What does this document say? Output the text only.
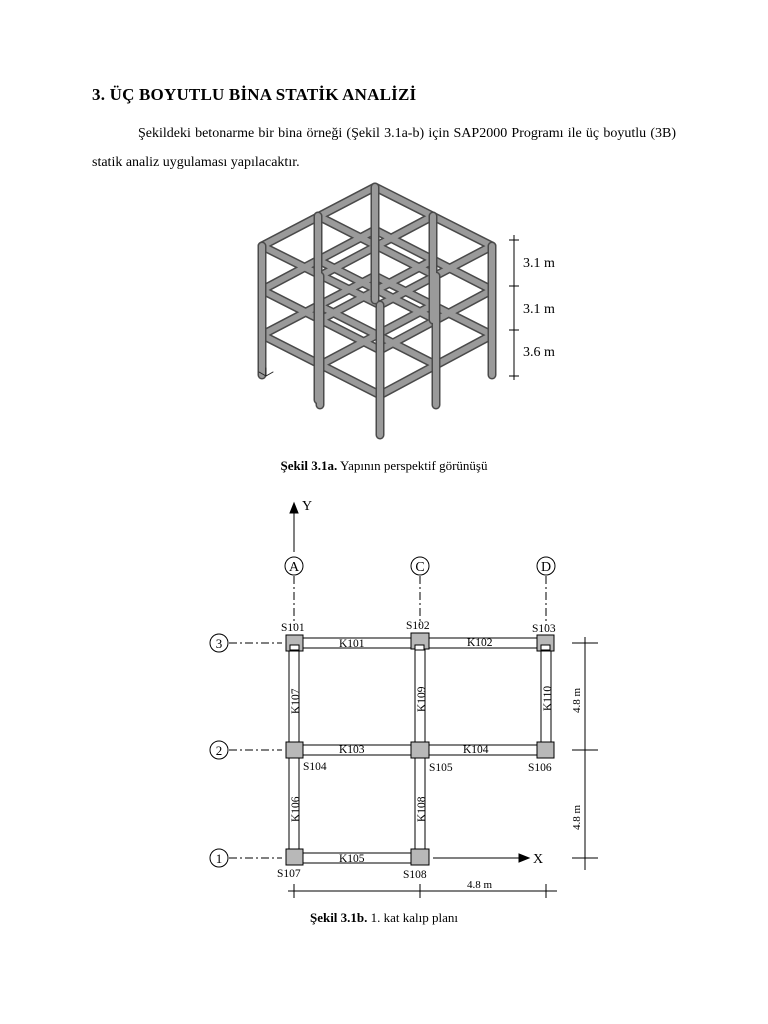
3. ÜÇ BOYUTLU BİNA STATİK ANALİZİ
Şekildeki betonarme bir bina örneği (Şekil 3.1a-b) için SAP2000 Programı ile üç boyutlu (3B) statik analiz uygulaması yapılacaktır.
3.1 m
3.1 m
3.6 m
Şekil 3.1a. Yapının perspektif görünüşü
Y
A	C	D
3
2
1
S101	S102	S103
S104	S105	S106
S107	S108
K101	K102
K103	K104
K105
K106
K107
K108
K109	K110
X
4.8 m
4.8 m
4.8 m
Şekil 3.1b. 1. kat kalıp planı
